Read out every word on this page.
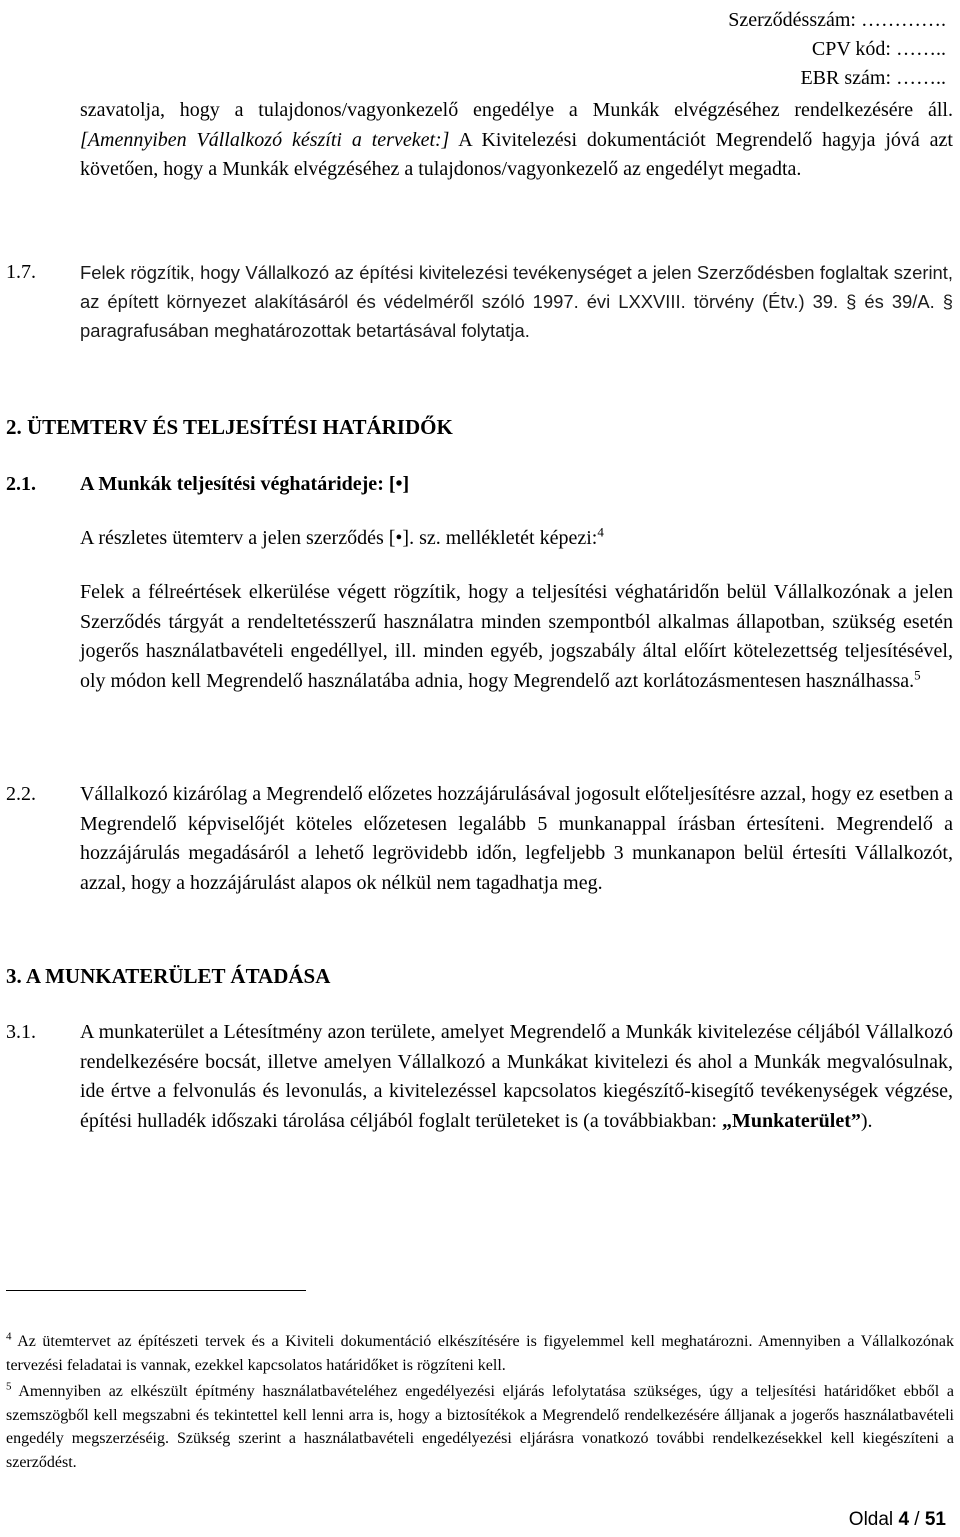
Szerződésszám: ………….
CPV kód: ……..
EBR szám: ……..
szavatolja, hogy a tulajdonos/vagyonkezelő engedélye a Munkák elvégzéséhez rendelkezésére áll. [Amennyiben Vállalkozó készíti a terveket:] A Kivitelezési dokumentációt Megrendelő hagyja jóvá azt követően, hogy a Munkák elvégzéséhez a tulajdonos/vagyonkezelő az engedélyt megadta.
1.7. Felek rögzítik, hogy Vállalkozó az építési kivitelezési tevékenységet a jelen Szerződésben foglaltak szerint, az épített környezet alakításáról és védelméről szóló 1997. évi LXXVIII. törvény (Étv.) 39. § és 39/A. § paragrafusában meghatározottak betartásával folytatja.
2. ÜTEMTERV ÉS TELJESÍTÉSI HATÁRIDŐK
2.1. A Munkák teljesítési véghatárideje: [•]
A részletes ütemterv a jelen szerződés [•]. sz. mellékletét képezi:$^4$
Felek a félreértések elkerülése végett rögzítik, hogy a teljesítési véghatáridőn belül Vállalkozónak a jelen Szerződés tárgyát a rendeltetésszerű használatra minden szempontból alkalmas állapotban, szükség esetén jogerős használatbavételi engedéllyel, ill. minden egyéb, jogszabály által előírt kötelezettség teljesítésével, oly módon kell Megrendelő használatába adnia, hogy Megrendelő azt korlátozásmentesen használhassa.$^5$
2.2. Vállalkozó kizárólag a Megrendelő előzetes hozzájárulásával jogosult előteljesítésre azzal, hogy ez esetben a Megrendelő képviselőjét köteles előzetesen legalább 5 munkanappal írásban értesíteni. Megrendelő a hozzájárulás megadásáról a lehető legrövidebb időn, legfeljebb 3 munkanapon belül értesíti Vállalkozót, azzal, hogy a hozzájárulást alapos ok nélkül nem tagadhatja meg.
3. A MUNKATERÜLET ÁTADÁSA
3.1. A munkaterület a Létesítmény azon területe, amelyet Megrendelő a Munkák kivitelezése céljából Vállalkozó rendelkezésére bocsát, illetve amelyen Vállalkozó a Munkákat kivitelezi és ahol a Munkák megvalósulnak, ide értve a felvonulás és levonulás, a kivitelezéssel kapcsolatos kiegészítő-kisegítő tevékenységek végzése, építési hulladék időszaki tárolása céljából foglalt területeket is (a továbbiakban: „Munkaterület”).
$^4$ Az ütemtervet az építészeti tervek és a Kiviteli dokumentáció elkészítésére is figyelemmel kell meghatározni. Amennyiben a Vállalkozónak tervezési feladatai is vannak, ezekkel kapcsolatos határidőket is rögzíteni kell.
$^5$ Amennyiben az elkészült építmény használatbavételéhez engedélyezési eljárás lefolytatása szükséges, úgy a teljesítési határidőket ebből a szemszögből kell megszabni és tekintettel kell lenni arra is, hogy a biztosítékok a Megrendelő rendelkezésére álljanak a jogerős használatbavételi engedély megszerzéséig. Szükség szerint a használatbavételi engedélyezési eljárásra vonatkozó további rendelkezésekkel kell kiegészíteni a szerződést.
Oldal 4 / 51
